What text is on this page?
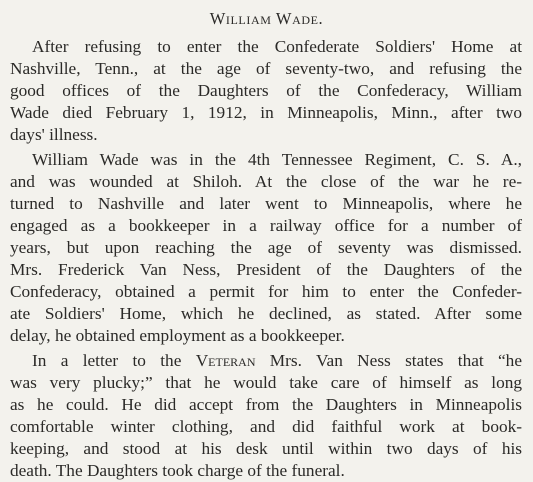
William Wade.
After refusing to enter the Confederate Soldiers' Home at
Nashville, Tenn., at the age of seventy-two, and refusing the
good offices of the Daughters of the Confederacy, William
Wade died February 1, 1912, in Minneapolis, Minn., after two
days' illness.
William Wade was in the 4th Tennessee Regiment, C. S. A.,
and was wounded at Shiloh. At the close of the war he re-
turned to Nashville and later went to Minneapolis, where he
engaged as a bookkeeper in a railway office for a number of
years, but upon reaching the age of seventy was dismissed.
Mrs. Frederick Van Ness, President of the Daughters of the
Confederacy, obtained a permit for him to enter the Confeder-
ate Soldiers' Home, which he declined, as stated. After some
delay, he obtained employment as a bookkeeper.
In a letter to the Veteran Mrs. Van Ness states that “he
was very plucky;” that he would take care of himself as long
as he could. He did accept from the Daughters in Minneapolis
comfortable winter clothing, and did faithful work at book-
keeping, and stood at his desk until within two days of his
death. The Daughters took charge of the funeral.
